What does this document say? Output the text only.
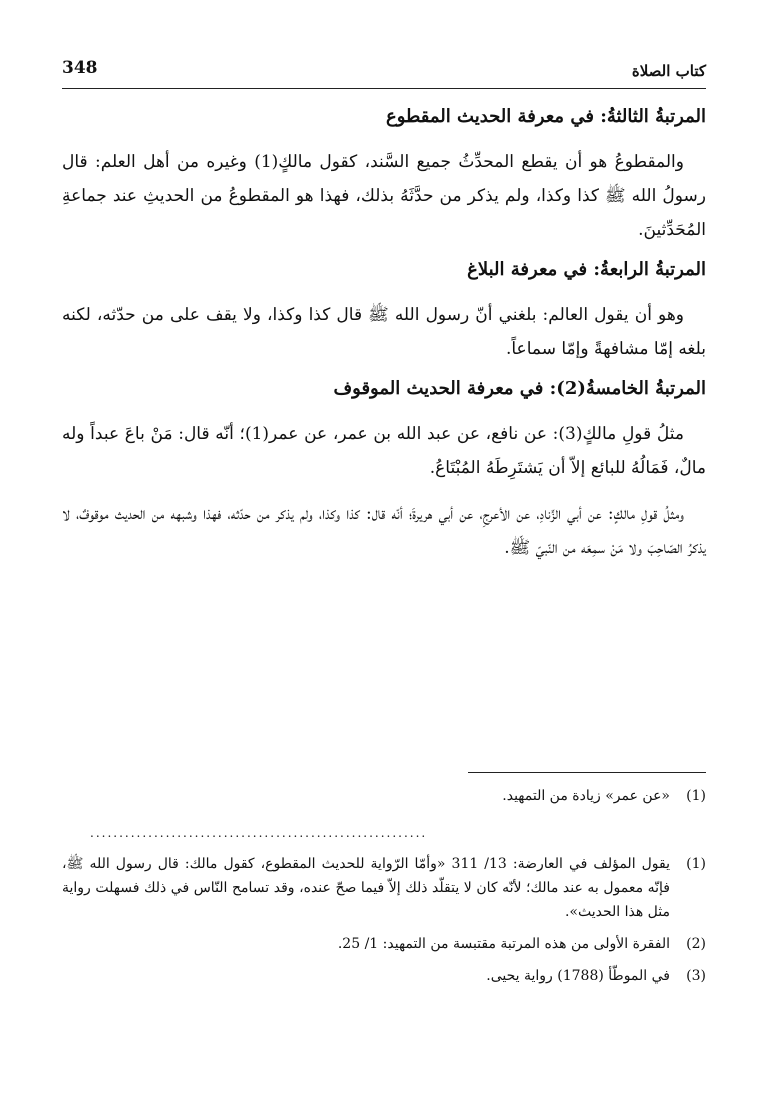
348	كتاب الصلاة
المرتبةُ الثالثةُ: في معرفة الحديث المقطوع

والمقطوعُ هو أن يقطع المحدِّثُ جميع السَّند، كقول مالكٍ(1) وغيره من أهل العلم: قال رسولُ الله ﷺ كذا وكذا، ولم يذكر من حدَّثَهُ بذلك، فهذا هو المقطوعُ من الحديثِ عند جماعةِ المُحَدِّثينَ.

المرتبةُ الرابعةُ: في معرفة البلاغ

وهو أن يقول العالم: بلغني أنّ رسول الله ﷺ قال كذا وكذا، ولا يقف على من حدّثه، لكنه بلغه إمّا مشافهةً وإمّا سماعاً.

المرتبةُ الخامسةُ(2): في معرفة الحديث الموقوف

مثلُ قولِ مالكٍ(3): عن نافع، عن عبد الله بن عمر، عن عمر(1)؛ أنّه قال: مَنْ باعَ عبداً وله مالٌ، فَمَالُهُ للبائع إلاّ أن يَشتَرِطَهُ المُبْتَاعُ.

ومثلُ قولِ مالكٍ: عن أبي الزِّنادِ، عن الأعرجِ، عن أبي هريرةَ؛ أنّه قال: كذا وكذا، ولم يذكر من حدّثه، فهذا وشبهه من الحديث موقوفٌ، لا يذكرُ الصّاحِبَ ولا مَنْ سمِعَه من النّبيّ ﷺ.

(1)
«عن عمر» زيادة من التمهيد.
..........................................................
(1)
يقول المؤلف في العارضة: 13/ 311 «وأمّا الرّواية للحديث المقطوع، كقول مالك: قال رسول الله ﷺ، فإنّه معمول به عند مالك؛ لأنّه كان لا يتقلّد ذلك إلاّ فيما صحّ عنده، وقد تسامح النّاس في ذلك فسهلت رواية مثل هذا الحديث».
(2)
الفقرة الأولى من هذه المرتبة مقتبسة من التمهيد: 1/ 25.
(3)
في الموطّأ (1788) رواية يحيى.
